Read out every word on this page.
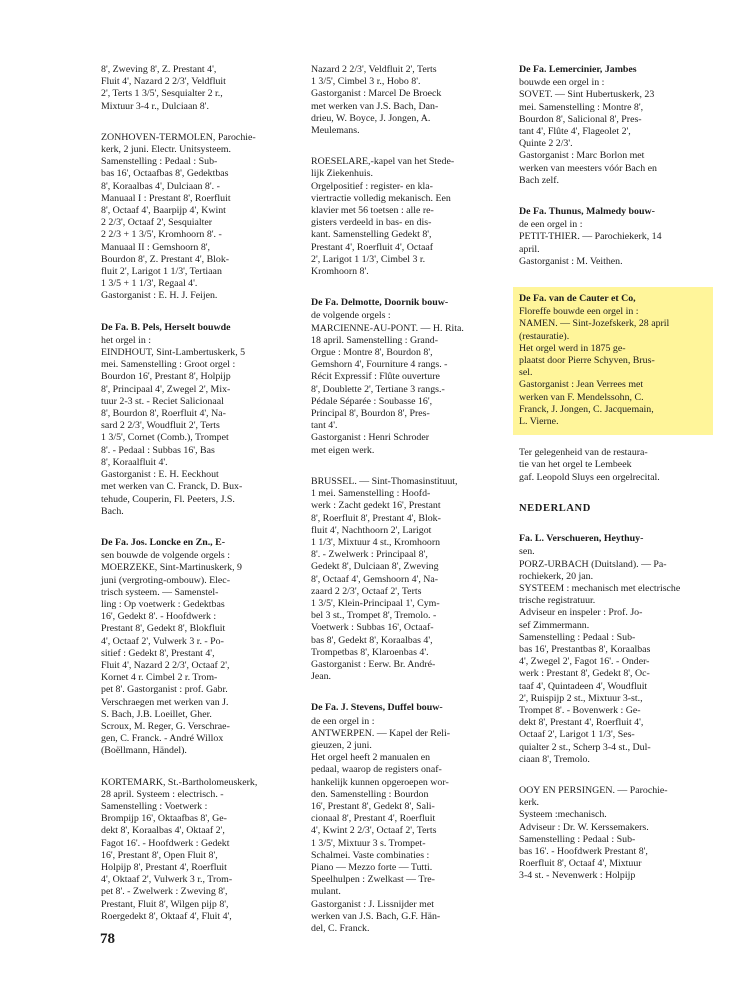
8', Zweving 8', Z. Prestant 4',
Fluit 4', Nazard 2 2/3', Veldfluit
2', Terts 1 3/5', Sesquialter 2 r.,
Mixtuur 3-4 r., Dulciaan 8'.
ZONHOVEN-TERMOLEN, Parochie-
kerk, 2 juni. Electr. Unitsysteem.
Samenstelling : Pedaal : Sub-
bas 16', Octaafbas 8', Gedektbas
8', Koraalbas 4', Dulciaan 8'. -
Manuaal I : Prestant 8', Roerfluit
8', Octaaf 4', Baarpijp 4', Kwint
2 2/3', Octaaf 2', Sesquialter
2 2/3 + 1 3/5', Kromhoorn 8'. -
Manuaal II : Gemshoorn 8',
Bourdon 8', Z. Prestant 4', Blok-
fluit 2', Larigot 1 1/3', Tertiaan
1 3/5 + 1 1/3', Regaal 4'.
Gastorganist : E. H. J. Feijen.
De Fa. B. Pels, Herselt bouwde
het orgel in :
EINDHOUT, Sint-Lambertuskerk, 5
mei. Samenstelling : Groot orgel :
Bourdon 16', Prestant 8', Holpijp
8', Principaal 4', Zwegel 2', Mix-
tuur 2-3 st. - Reciet Salicionaal
8', Bourdon 8', Roerfluit 4', Na-
sard 2 2/3', Woudfluit 2', Terts
1 3/5', Cornet (Comb.), Trompet
8'. - Pedaal : Subbas 16', Bas
8', Koraalfluit 4'.
Gastorganist : E. H. Eeckhout
met werken van C. Franck, D. Bux-
tehude, Couperin, Fl. Peeters, J.S.
Bach.
De Fa. Jos. Loncke en Zn., E-
sen bouwde de volgende orgels :
MOERZEKE, Sint-Martinuskerk, 9
juni (vergroting-ombouw). Elec-
trisch systeem. — Samenstel-
ling : Op voetwerk : Gedektbas
16', Gedekt 8'. - Hoofdwerk :
Prestant 8', Gedekt 8', Blokfluit
4', Octaaf 2', Vulwerk 3 r. - Po-
sitief : Gedekt 8', Prestant 4',
Fluit 4', Nazard 2 2/3', Octaaf 2',
Kornet 4 r. Cimbel 2 r. Trom-
pet 8'. Gastorganist : prof. Gabr.
Verschraegen met werken van J.
S. Bach, J.B. Loeillet, Gher.
Scroux, M. Reger, G. Verschrae-
gen, C. Franck. - André Willox
(Boëllmann, Händel).
KORTEMARK, St.-Bartholomeuskerk,
28 april. Systeem : electrisch. -
Samenstelling : Voetwerk :
Brompijp 16', Oktaafbas 8', Ge-
dekt 8', Koraalbas 4', Oktaaf 2',
Fagot 16'. - Hoofdwerk : Gedekt
16', Prestant 8', Open Fluit 8',
Holpijp 8', Prestant 4', Roerfluit
4', Oktaaf 2', Vulwerk 3 r., Trom-
pet 8'. - Zwelwerk : Zweving 8',
Prestant, Fluit 8', Wilgen pijp 8',
Roergedekt 8', Oktaaf 4', Fluit 4',
Nazard 2 2/3', Veldfluit 2', Terts
1 3/5', Cimbel 3 r., Hobo 8'.
Gastorganist : Marcel De Broeck
met werken van J.S. Bach, Dan-
drieu, W. Boyce, J. Jongen, A.
Meulemans.
ROESELARE,-kapel van het Stede-
lijk Ziekenhuis.
Orgelpositief : register- en kla-
viertractie volledig mekanisch. Een
klavier met 56 toetsen : alle re-
gisters verdeeld in bas- en dis-
kant. Samenstelling Gedekt 8',
Prestant 4', Roerfluit 4', Octaaf
2', Larigot 1 1/3', Cimbel 3 r.
Kromhoorn 8'.
De Fa. Delmotte, Doornik bouw-
de volgende orgels :
MARCIENNE-AU-PONT. — H. Rita.
18 april. Samenstelling : Grand-
Orgue : Montre 8', Bourdon 8',
Gemshorn 4', Fourniture 4 rangs. -
Récit Expressif : Flûte ouverture
8', Doublette 2', Tertiane 3 rangs.-
Pédale Séparée : Soubasse 16',
Principal 8', Bourdon 8', Pres-
tant 4'.
Gastorganist : Henri Schroder
met eigen werk.
BRUSSEL. — Sint-Thomasinstituut,
1 mei. Samenstelling : Hoofd-
werk : Zacht gedekt 16', Prestant
8', Roerfluit 8', Prestant 4', Blok-
fluit 4', Nachthoorn 2', Larigot
1 1/3', Mixtuur 4 st., Kromhoorn
8'. - Zwelwerk : Principaal 8',
Gedekt 8', Dulciaan 8', Zweving
8', Octaaf 4', Gemshoorn 4', Na-
zaard 2 2/3', Octaaf 2', Terts
1 3/5', Klein-Principaal 1', Cym-
bel 3 st., Trompet 8', Tremolo. -
Voetwerk : Subbas 16', Octaaf-
bas 8', Gedekt 8', Koraalbas 4',
Trompetbas 8', Klaroenbas 4'.
Gastorganist : Eerw. Br. André-
Jean.
De Fa. J. Stevens, Duffel bouw-
de een orgel in :
ANTWERPEN. — Kapel der Reli-
gieuzen, 2 juni.
Het orgel heeft 2 manualen en
pedaal, waarop de registers onaf-
hankelijk kunnen opgeroepen wor-
den. Samenstelling : Bourdon
16', Prestant 8', Gedekt 8', Sali-
cionaal 8', Prestant 4', Roerfluit
4', Kwint 2 2/3', Octaaf 2', Terts
1 3/5', Mixtuur 3 s. Trompet-
Schalmei. Vaste combinaties :
Piano — Mezzo forte — Tutti.
Speelhulpen : Zwelkast — Tre-
mulant.
Gastorganist : J. Lissnijder met
werken van J.S. Bach, G.F. Hän-
del, C. Franck.
De Fa. Lemercinier, Jambes
bouwde een orgel in :
SOVET. — Sint Hubertuskerk, 23
mei. Samenstelling : Montre 8',
Bourdon 8', Salicional 8', Pres-
tant 4', Flûte 4', Flageolet 2',
Quinte 2 2/3'.
Gastorganist : Marc Borlon met
werken van meesters vóór Bach en
Bach zelf.
De Fa. Thunus, Malmedy bouw-
de een orgel in :
PETIT-THIER. — Parochiekerk, 14
april.
Gastorganist : M. Veithen.
De Fa. van de Cauter et Co,
Floreffe bouwde een orgel in :
NAMEN. — Sint-Jozefskerk, 28 april
(restauratie).
Het orgel werd in 1875 ge-
plaatst door Pierre Schyven, Brus-
sel.
Gastorganist : Jean Verrees met
werken van F. Mendelssohn, C.
Franck, J. Jongen, C. Jacquemain,
L. Vierne.
Ter gelegenheid van de restaura-
tie van het orgel te Lembeek
gaf. Leopold Sluys een orgelrecital.
NEDERLAND
Fa. L. Verschueren, Heythuy-
sen.
PORZ-URBACH (Duitsland). — Pa-
rochiekerk, 20 jan.
SYSTEEM : mechanisch met electrische
trische registratuur.
Adviseur en inspeler : Prof. Jo-
sef Zimmermann.
Samenstelling : Pedaal : Sub-
bas 16', Prestantbas 8', Koraalbas
4', Zwegel 2', Fagot 16'. - Onder-
werk : Prestant 8', Gedekt 8', Oc-
taaf 4', Quintadeen 4', Woudfluit
2', Ruispijp 2 st., Mixtuur 3-st.,
Trompet 8'. - Bovenwerk : Ge-
dekt 8', Prestant 4', Roerfluit 4',
Octaaf 2', Larigot 1 1/3', Ses-
quialter 2 st., Scherp 3-4 st., Dul-
ciaan 8', Tremolo.
OOY EN PERSINGEN. — Parochie-
kerk.
Systeem :mechanisch.
Adviseur : Dr. W. Kerssemakers.
Samenstelling : Pedaal : Sub-
bas 16'. - Hoofdwerk Prestant 8',
Roerfluit 8', Octaaf 4', Mixtuur
3-4 st. - Nevenwerk : Holpijp
78
